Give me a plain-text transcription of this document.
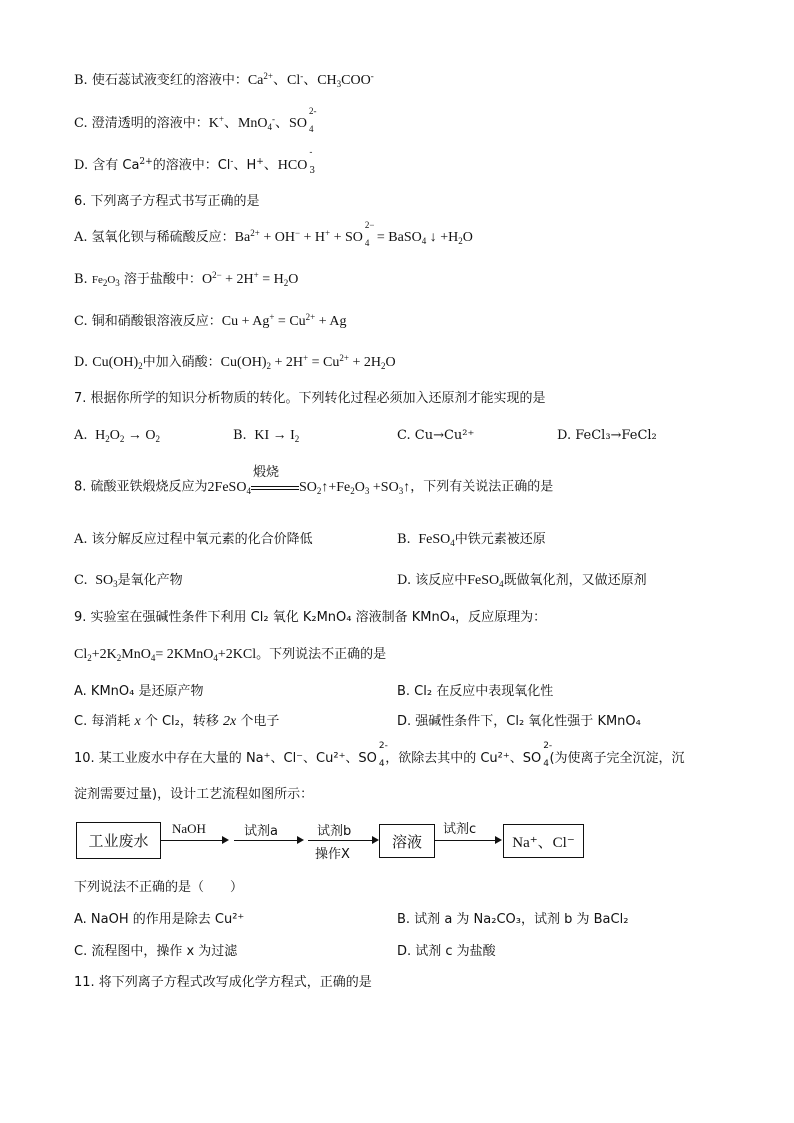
B. 使石蕊试液变红的溶液中：$Ca^{2+}$、Cl-、$CH_3COO^-$
C. 澄清透明的溶液中：K+、MnO$_4$-、SO
2-
4

D. 含有 $Ca^{2+}$的溶液中：Cl-、H+、HCO
-
3

6. 下列离子方程式书写正确的是
A. 氢氧化钡与稀硫酸反应：$Ba^{2+} + OH^- + H^+$ + SO
2−
4 = BaSO$_4$ ↓ $+H_2O$
B. $Fe_2O_3$ 溶于盐酸中：$O^{2-} + 2H^+ = H_2O$
C. 铜和硝酸银溶液反应：$Cu + Ag^+ = Cu^{2+} + Ag$
D. $Cu(OH)_2$中加入硝酸：$Cu(OH)_2 + 2H^+ = Cu^{2+} + 2H_2O$
7. 根据你所学的知识分析物质的转化。下列转化过程必须加入还原剂才能实现的是
A.  $H_2O_2 \to O_2$	B.  KI → $I_2$	C. Cu→Cu²⁺	D. FeCl₃→FeCl₂
8. 硫酸亚铁煅烧反应为2FeSO$_4$
煅烧
$SO_2↑+Fe_2O_3$ $+SO_3↑$，下列有关说法正确的是
A. 该分解反应过程中氧元素的化合价降低	B.  FeSO$_4$中铁元素被还原
C.  $SO_3$是氧化产物	D. 该反应中FeSO$_4$既做氧化剂，又做还原剂
9. 实验室在强碱性条件下利用 Cl₂ 氧化 K₂MnO₄ 溶液制备 KMnO₄，反应原理为：
$Cl_2+2K_2MnO_4=$ 2KMnO$_4$+2KCl。下列说法不正确的是
A. KMnO₄ 是还原产物	B. Cl₂ 在反应中表现氧化性
C. 每消耗 x 个 Cl₂，转移 2x 个电子	D. 强碱性条件下，Cl₂ 氧化性强于 KMnO₄
10. 某工业废水中存在大量的 Na⁺、Cl⁻、Cu²⁺、SO
2-
4 ，欲除去其中的 Cu²⁺、SO
2-
4 (为使离子完全沉淀，沉
淀剂需要过量)，设计工艺流程如图所示：
工业废水
NaOH	试剂a	试剂b
操作X
溶液
试剂c
Na⁺、Cl⁻
下列说法不正确的是（　　）
A. NaOH 的作用是除去 Cu²⁺	B. 试剂 a 为 Na₂CO₃，试剂 b 为 BaCl₂
C. 流程图中，操作 x 为过滤	D. 试剂 c 为盐酸
11. 将下列离子方程式改写成化学方程式，正确的是
